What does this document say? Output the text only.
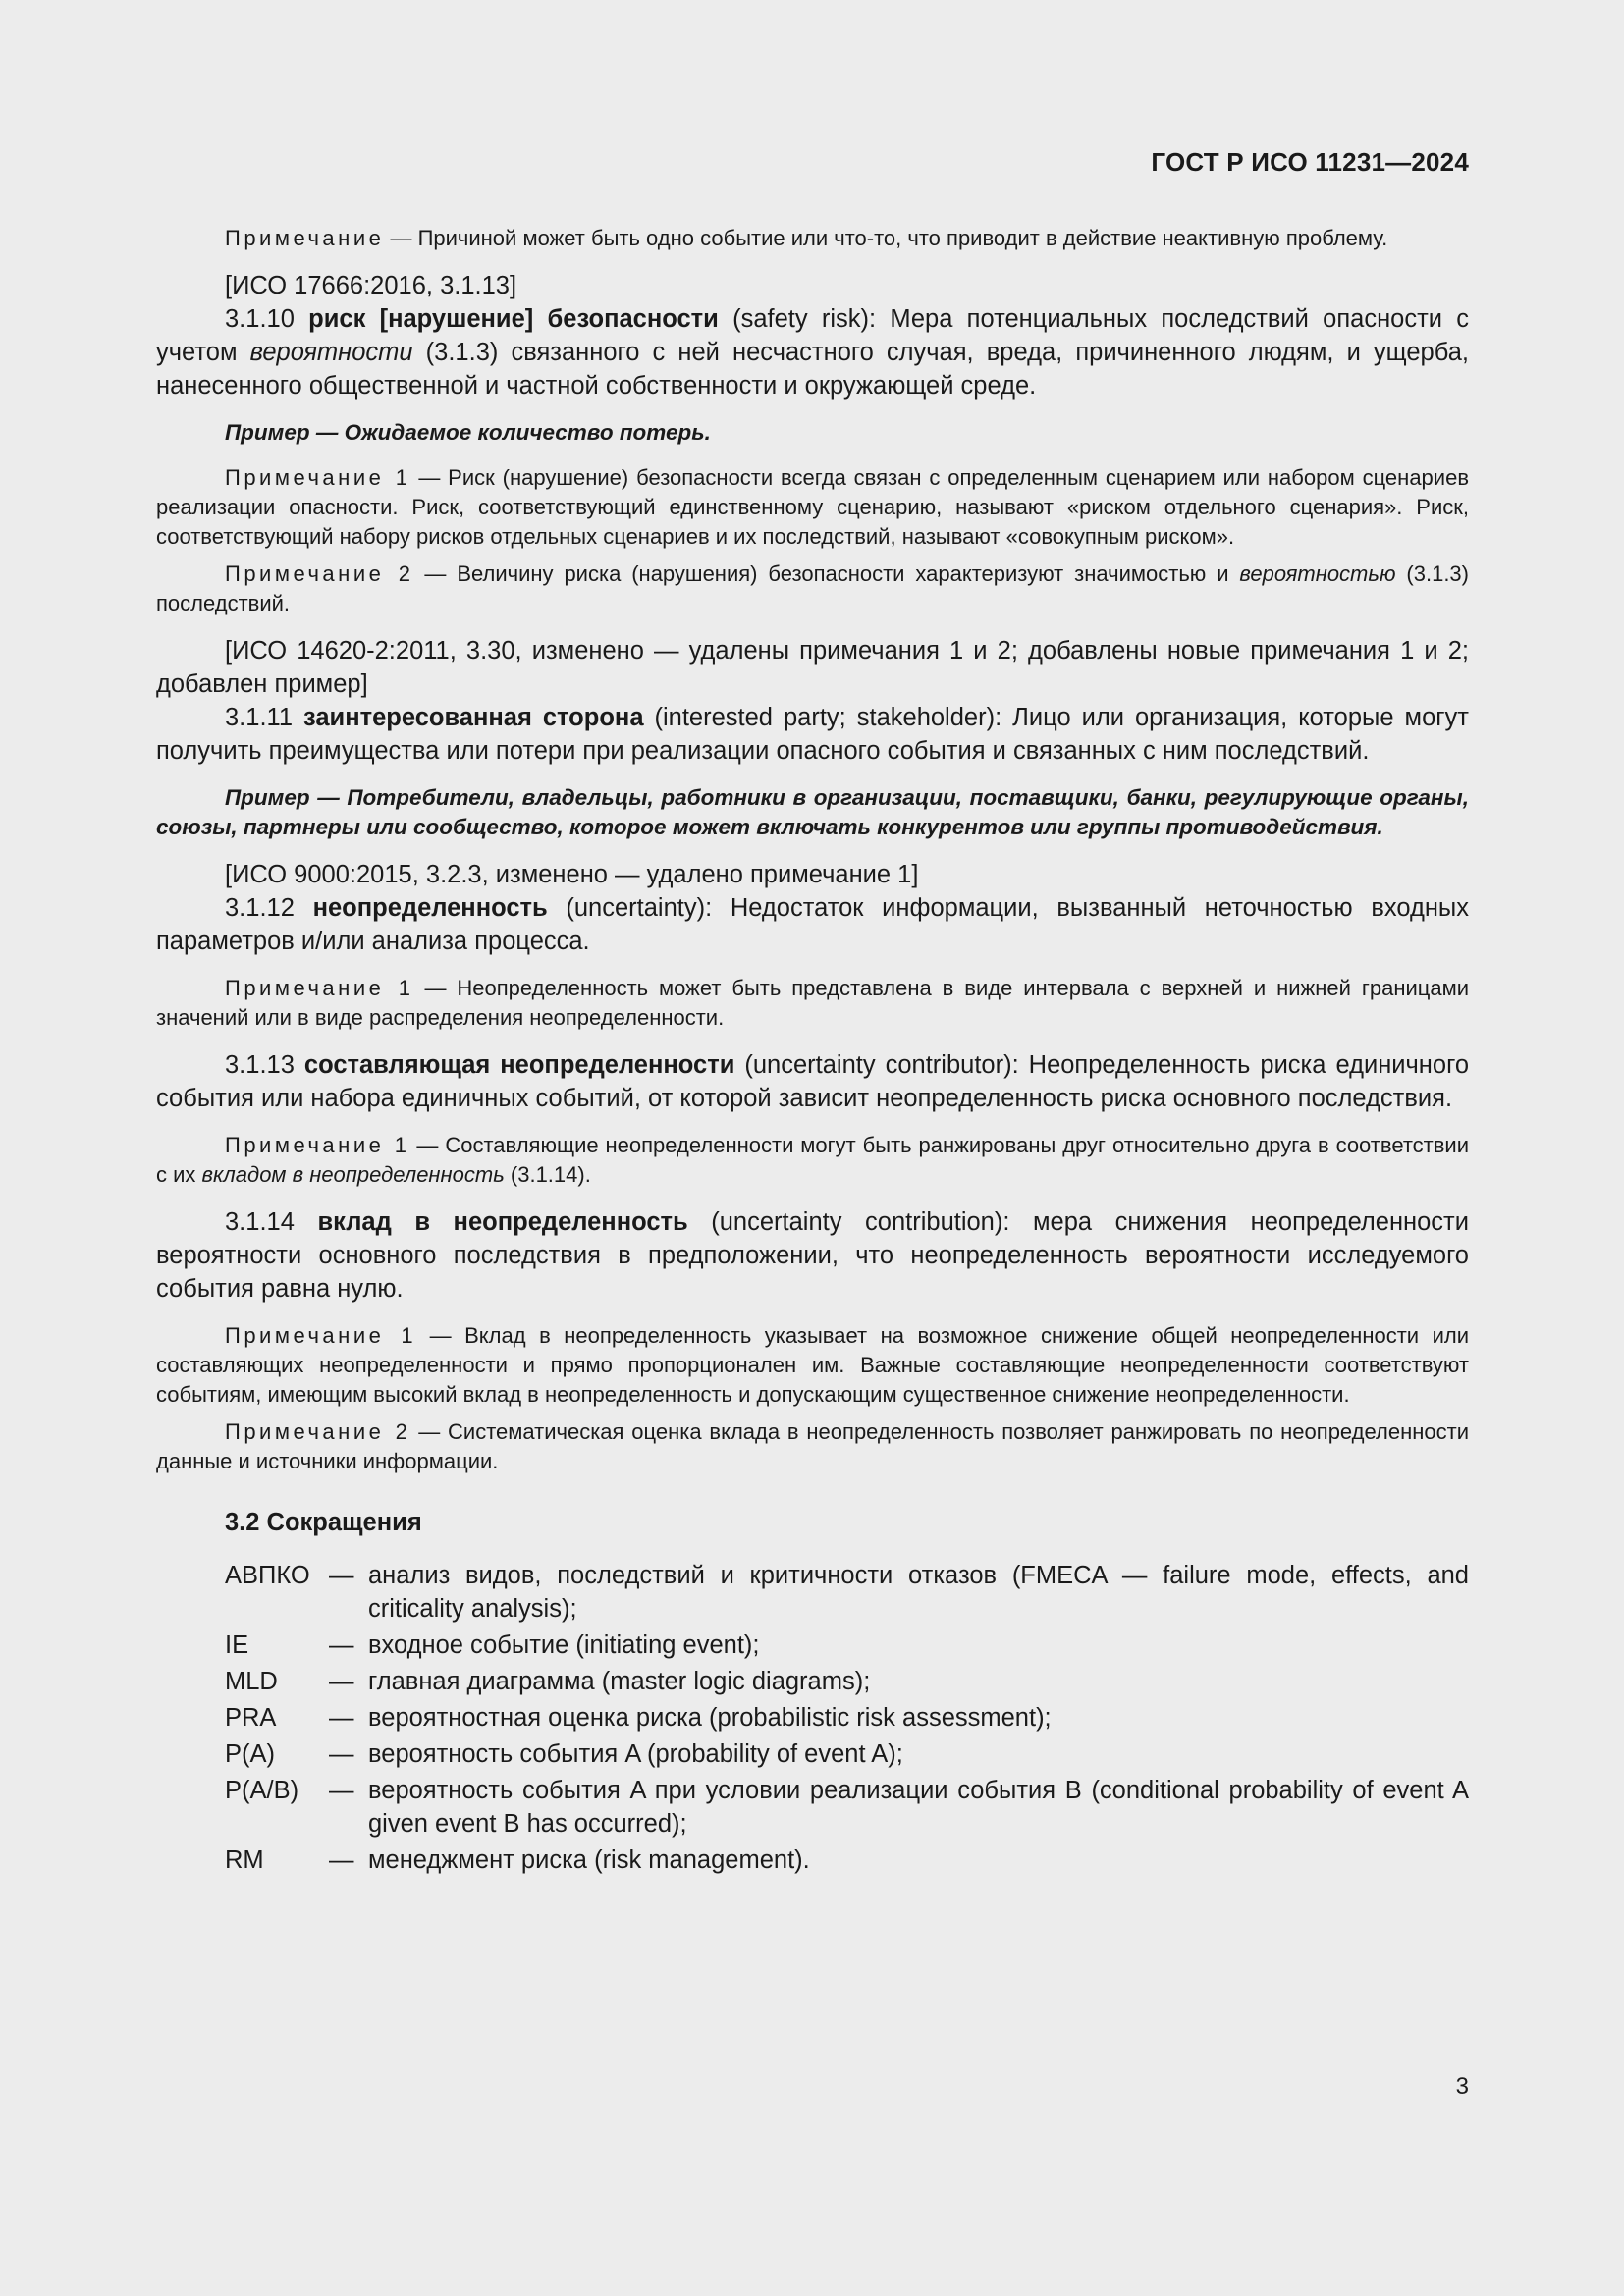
ГОСТ Р ИСО 11231—2024

Примечание — Причиной может быть одно событие или что-то, что приводит в действие неактивную проблему.

[ИСО 17666:2016, 3.1.13]

3.1.10 риск [нарушение] безопасности (safety risk): Мера потенциальных последствий опасности с учетом вероятности (3.1.3) связанного с ней несчастного случая, вреда, причиненного людям, и ущерба, нанесенного общественной и частной собственности и окружающей среде.

Пример — Ожидаемое количество потерь.

Примечание 1 — Риск (нарушение) безопасности всегда связан с определенным сценарием или набором сценариев реализации опасности. Риск, соответствующий единственному сценарию, называют «риском отдельного сценария». Риск, соответствующий набору рисков отдельных сценариев и их последствий, называют «совокупным риском».

Примечание 2 — Величину риска (нарушения) безопасности характеризуют значимостью и вероятностью (3.1.3) последствий.

[ИСО 14620-2:2011, 3.30, изменено — удалены примечания 1 и 2; добавлены новые примечания 1 и 2; добавлен пример]

3.1.11 заинтересованная сторона (interested party; stakeholder): Лицо или организация, которые могут получить преимущества или потери при реализации опасного события и связанных с ним последствий.

Пример — Потребители, владельцы, работники в организации, поставщики, банки, регулирующие органы, союзы, партнеры или сообщество, которое может включать конкурентов или группы противодействия.

[ИСО 9000:2015, 3.2.3, изменено — удалено примечание 1]

3.1.12 неопределенность (uncertainty): Недостаток информации, вызванный неточностью входных параметров и/или анализа процесса.

Примечание 1 — Неопределенность может быть представлена в виде интервала с верхней и нижней границами значений или в виде распределения неопределенности.

3.1.13 составляющая неопределенности (uncertainty contributor): Неопределенность риска единичного события или набора единичных событий, от которой зависит неопределенность риска основного последствия.

Примечание 1 — Составляющие неопределенности могут быть ранжированы друг относительно друга в соответствии с их вкладом в неопределенность (3.1.14).

3.1.14 вклад в неопределенность (uncertainty contribution): мера снижения неопределенности вероятности основного последствия в предположении, что неопределенность вероятности исследуемого события равна нулю.

Примечание 1 — Вклад в неопределенность указывает на возможное снижение общей неопределенности или составляющих неопределенности и прямо пропорционален им. Важные составляющие неопределенности соответствуют событиям, имеющим высокий вклад в неопределенность и допускающим существенное снижение неопределенности.

Примечание 2 — Систематическая оценка вклада в неопределенность позволяет ранжировать по неопределенности данные и источники информации.

3.2 Сокращения
АВПКО — анализ видов, последствий и критичности отказов (FMECA — failure mode, effects, and criticality analysis);
IE	— входное событие (initiating event);
MLD	— главная диаграмма (master logic diagrams);
PRA	— вероятностная оценка риска (probabilistic risk assessment);
P(A)	— вероятность события A (probability of event A);
P(A/B)	— вероятность события A при условии реализации события B (conditional probability of event A given event B has occurred);
RM	— менеджмент риска (risk management).
3
